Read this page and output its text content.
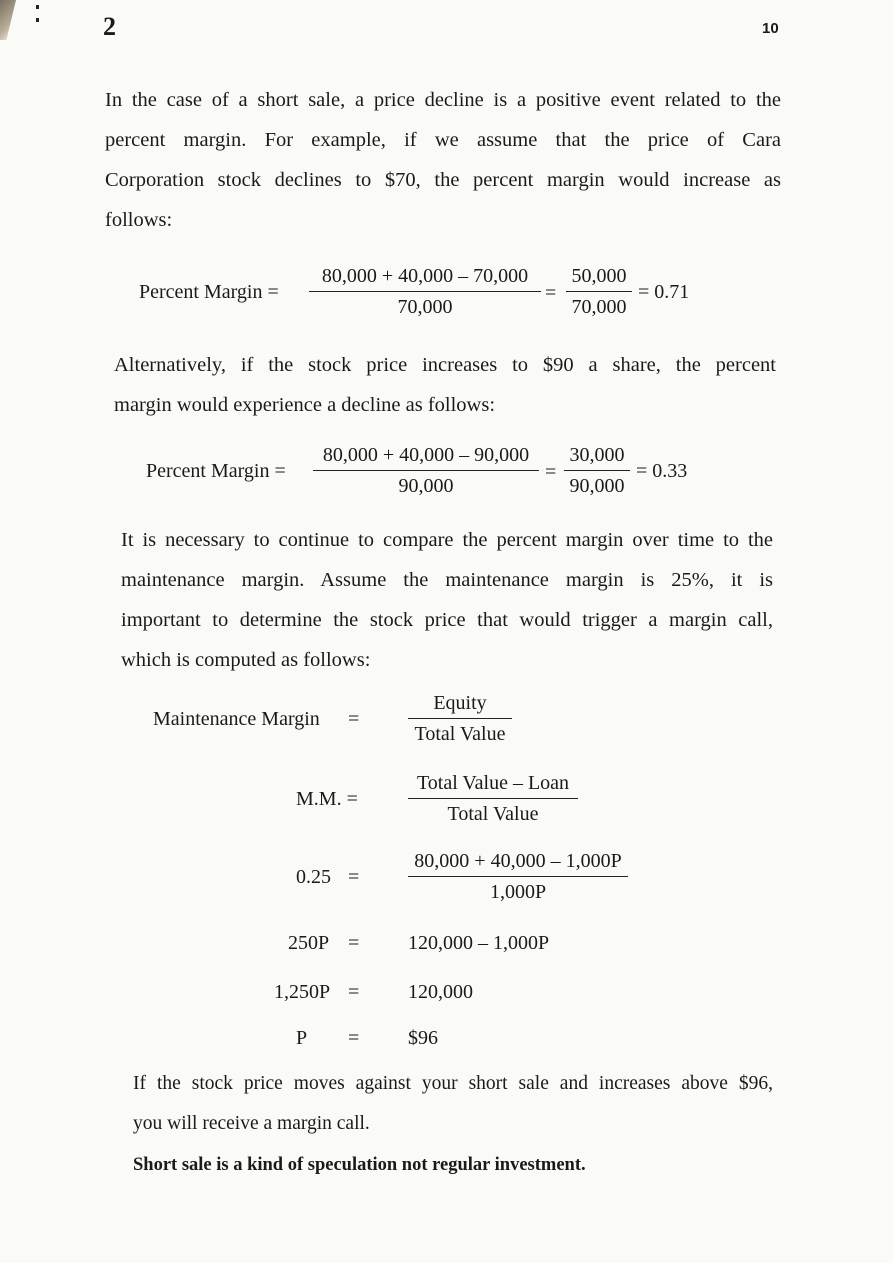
2	10
In the case of a short sale, a price decline is a positive event related to the
percent margin. For example, if we assume that the price of Cara
Corporation stock declines to $70, the percent margin would increase as
follows:
Percent Margin = $\frac{80,000 + 40,000 - 70,000}{70,000} = \frac{50,000}{70,000} = 0.71$
Alternatively, if the stock price increases to $90 a share, the percent
margin would experience a decline as follows:
Percent Margin = $\frac{80,000 + 40,000 - 90,000}{90,000} = \frac{30,000}{90,000} = 0.33$
It is necessary to continue to compare the percent margin over time to the
maintenance margin. Assume the maintenance margin is 25%, it is
important to determine the stock price that would trigger a margin call,
which is computed as follows:
Maintenance Margin =
Equity
Total Value
M.M. =
Total Value – Loan
Total Value
$0.25 = \frac{80,000 + 40,000 - 1,000P}{1,000P}$
250P = 120,000 – 1,000P
1,250P = 120,000
P = $96
If the stock price moves against your short sale and increases above $96,
you will receive a margin call.
Short sale is a kind of speculation not regular investment.
